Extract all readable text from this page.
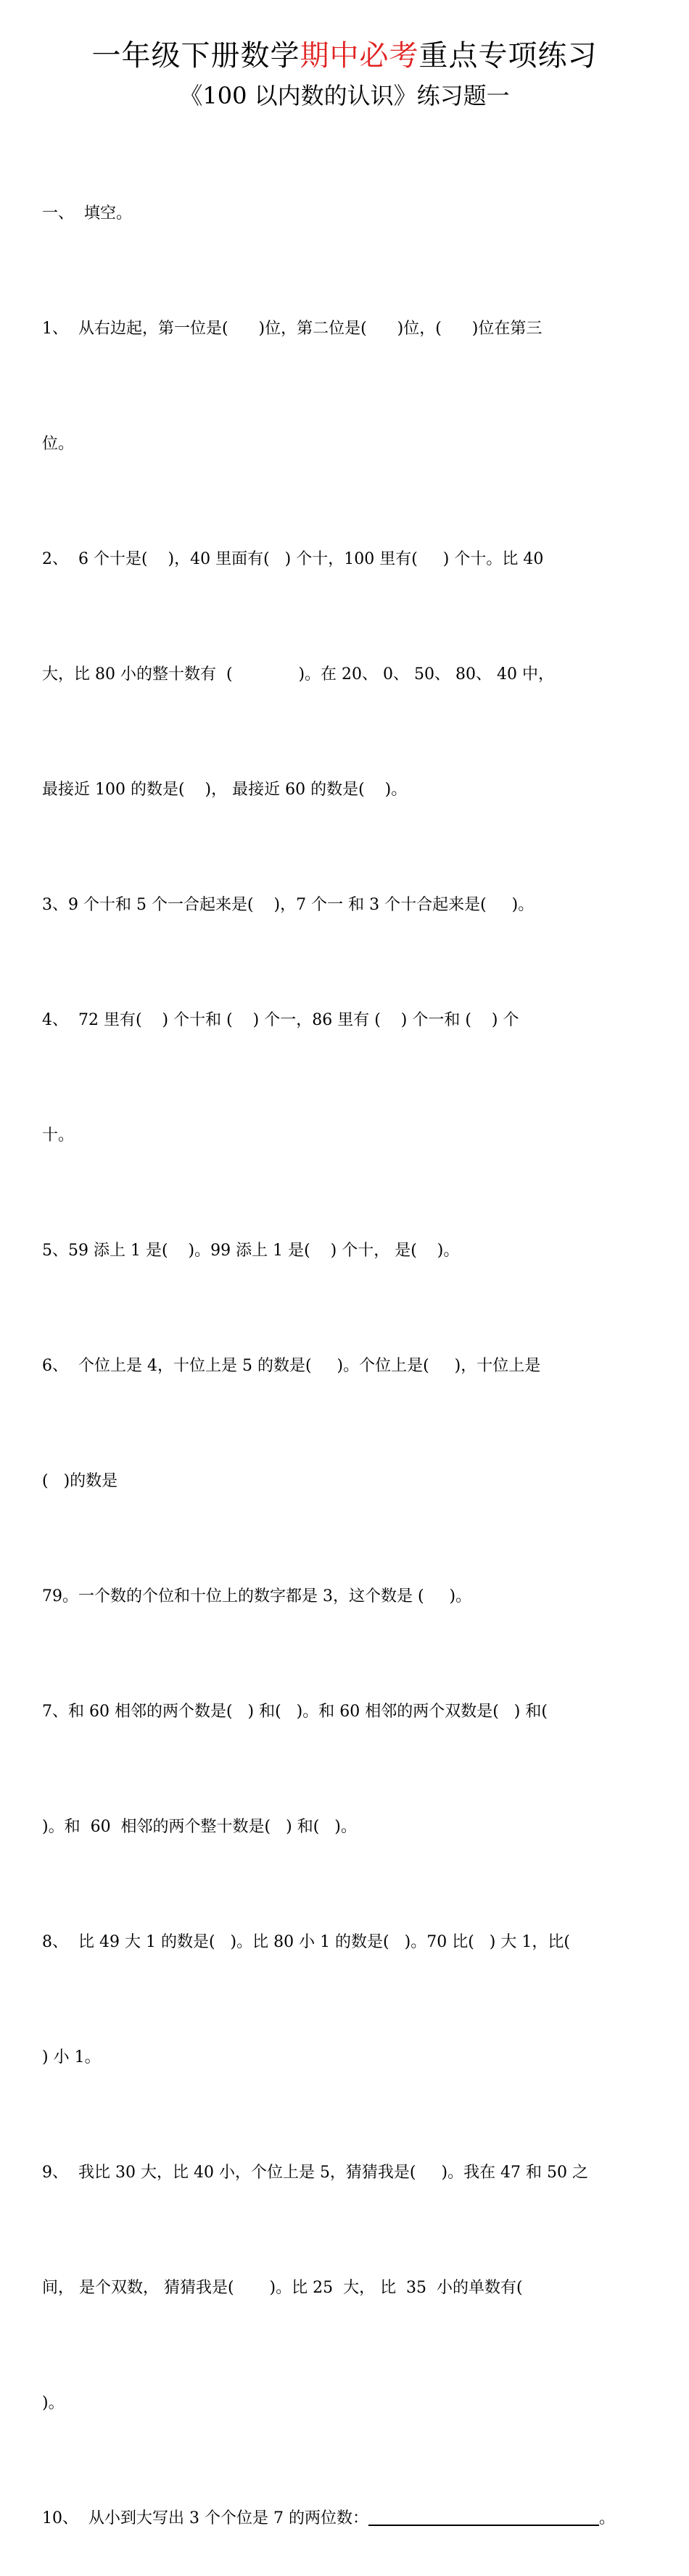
一年级下册数学期中必考重点专项练习
《100 以内数的认识》练习题一

一、  填空。

1、  从右边起，第一位是(      )位，第二位是(      )位，(      )位在第三

位。

2、  6 个十是(    )，40 里面有(   ) 个十，100 里有(     ) 个十。比 40

大，比 80 小的整十数有  (             )。在 20、 0、 50、 80、 40 中，

最接近 100 的数是(    )， 最接近 60 的数是(    )。

3、9 个十和 5 个一合起来是(    )，7 个一 和 3 个十合起来是(     )。

4、  72 里有(    ) 个十和 (    ) 个一，86 里有 (    ) 个一和 (    ) 个

十。

5、59 添上 1 是(    )。99 添上 1 是(    ) 个十， 是(    )。

6、  个位上是 4，十位上是 5 的数是(     )。个位上是(     )，十位上是

(   )的数是

79。一个数的个位和十位上的数字都是 3，这个数是 (     )。

7、和 60 相邻的两个数是(   ) 和(   )。和 60 相邻的两个双数是(   ) 和(

)。和  60  相邻的两个整十数是(   ) 和(   )。

8、  比 49 大 1 的数是(   )。比 80 小 1 的数是(   )。70 比(   ) 大 1，比(

) 小 1。

9、  我比 30 大，比 40 小，个位上是 5，猜猜我是(     )。我在 47 和 50 之

间， 是个双数， 猜猜我是(       )。比 25  大， 比  35  小的单数有(

)。

10、  从小到大写出 3 个个位是 7 的两位数：	。
